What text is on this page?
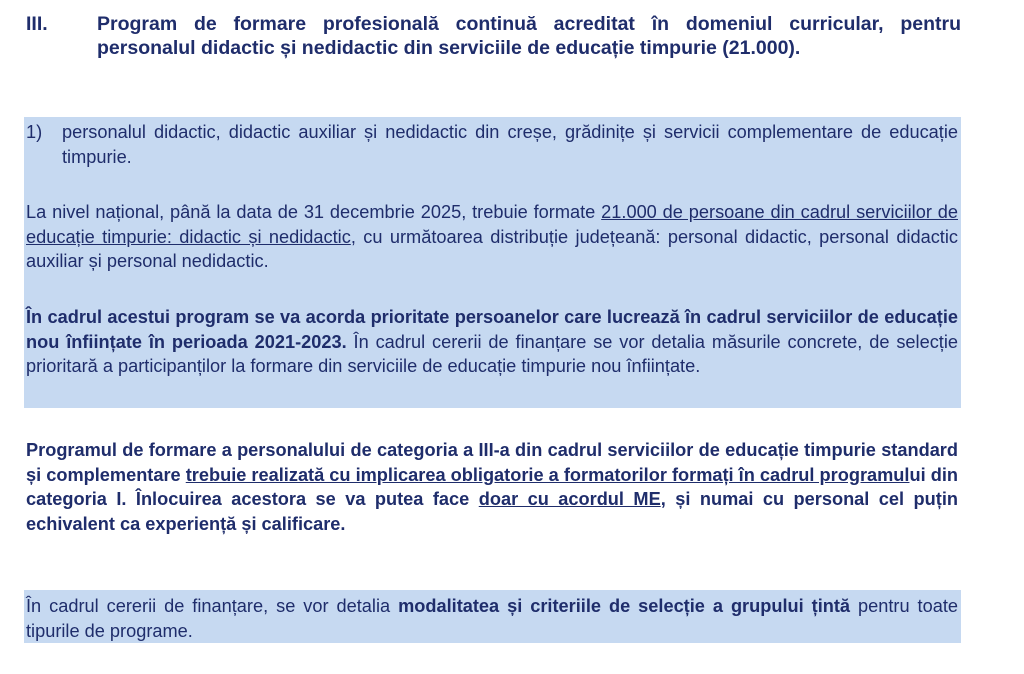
III.	Program de formare profesională continuă acreditat în domeniul curricular, pentru personalul didactic și nedidactic din serviciile de educație timpurie (21.000).
1)	personalul didactic, didactic auxiliar și nedidactic din creșe, grădinițe și servicii complementare de educație timpurie.
La nivel național, până la data de 31 decembrie 2025, trebuie formate 21.000 de persoane din cadrul serviciilor de educație timpurie: didactic și nedidactic, cu următoarea distribuție județeană: personal didactic, personal didactic auxiliar și personal nedidactic.
În cadrul acestui program se va acorda prioritate persoanelor care lucrează în cadrul serviciilor de educație nou înființate în perioada 2021-2023. În cadrul cererii de finanțare se vor detalia măsurile concrete, de selecție prioritară a participanților la formare din serviciile de educație timpurie nou înființate.
Programul de formare a personalului de categoria a III-a din cadrul serviciilor de educație timpurie standard și complementare trebuie realizată cu implicarea obligatorie a formatorilor formați în cadrul programului din categoria I. Înlocuirea acestora se va putea face doar cu acordul ME, și numai cu personal cel puțin echivalent ca experiență și calificare.
În cadrul cererii de finanțare, se vor detalia modalitatea și criteriile de selecție a grupului țintă pentru toate tipurile de programe.
